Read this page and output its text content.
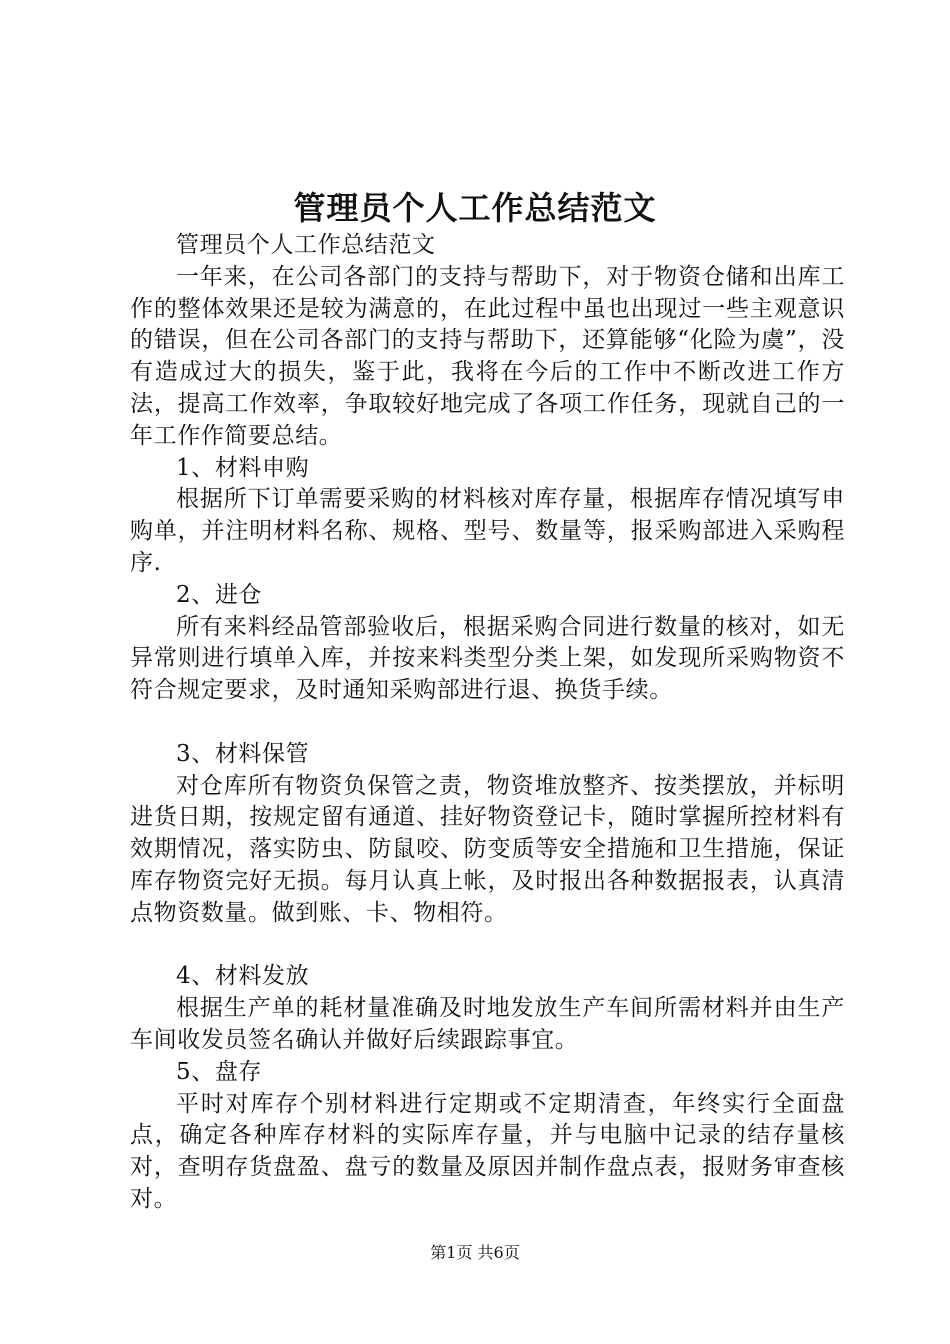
管理员个人工作总结范文

管理员个人工作总结范文

一年来，在公司各部门的支持与帮助下，对于物资仓储和出库工作的整体效果还是较为满意的，在此过程中虽也出现过一些主观意识的错误，但在公司各部门的支持与帮助下，还算能够“化险为虞”，没有造成过大的损失，鉴于此，我将在今后的工作中不断改进工作方法，提高工作效率，争取较好地完成了各项工作任务，现就自己的一年工作作简要总结。

1、材料申购

根据所下订单需要采购的材料核对库存量，根据库存情况填写申购单，并注明材料名称、规格、型号、数量等，报采购部进入采购程序.

2、进仓

所有来料经品管部验收后，根据采购合同进行数量的核对，如无异常则进行填单入库，并按来料类型分类上架，如发现所采购物资不符合规定要求，及时通知采购部进行退、换货手续。

3、材料保管

对仓库所有物资负保管之责，物资堆放整齐、按类摆放，并标明进货日期，按规定留有通道、挂好物资登记卡，随时掌握所控材料有效期情况，落实防虫、防鼠咬、防变质等安全措施和卫生措施，保证库存物资完好无损。每月认真上帐，及时报出各种数据报表，认真清点物资数量。做到账、卡、物相符。

4、材料发放

根据生产单的耗材量准确及时地发放生产车间所需材料并由生产车间收发员签名确认并做好后续跟踪事宜。

5、盘存

平时对库存个别材料进行定期或不定期清查，年终实行全面盘点，确定各种库存材料的实际库存量，并与电脑中记录的结存量核对，查明存货盘盈、盘亏的数量及原因并制作盘点表，报财务审查核对。

第1页 共6页
